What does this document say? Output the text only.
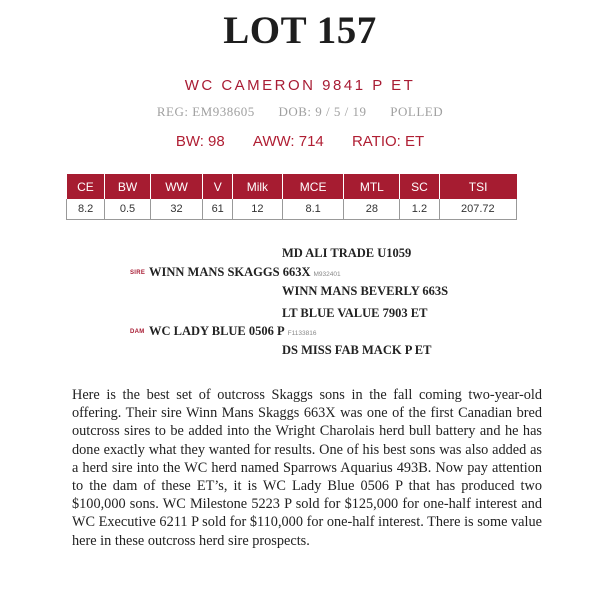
LOT 157
WC CAMERON 9841 P ET
REG: EM938605 DOB: 9 / 5 / 19 POLLED
BW: 98 AWW: 714 RATIO: ET
CE	BW	WW	V	Milk	MCE	MTL	SC	TSI
8.2	0.5	32	61	12	8.1	28	1.2	207.72
MD ALI TRADE U1059
SIRE WINN MANS SKAGGS 663X M932401
WINN MANS BEVERLY 663S
LT BLUE VALUE 7903 ET
DAM WC LADY BLUE 0506 P F1133816
DS MISS FAB MACK P ET
Here is the best set of outcross Skaggs sons in the fall coming two-year-old offering. Their sire Winn Mans Skaggs 663X was one of the first Canadian bred outcross sires to be added into the Wright Charolais herd bull battery and he has done exactly what they wanted for results. One of his best sons was also added as a herd sire into the WC herd named Sparrows Aquarius 493B. Now pay attention to the dam of these ET’s, it is WC Lady Blue 0506 P that has produced two $100,000 sons. WC Milestone 5223 P sold for $125,000 for one-half interest and WC Executive 6211 P sold for $110,000 for one-half interest. There is some value here in these outcross herd sire prospects.
